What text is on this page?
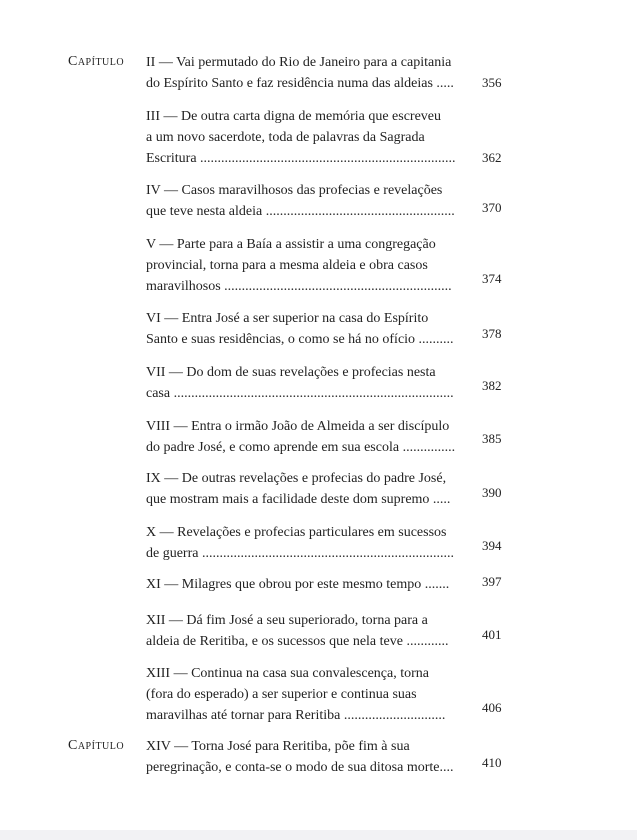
Capítulo II — Vai permutado do Rio de Janeiro para a capitania
do Espírito Santo e faz residência numa das aldeias .....	356
III — De outra carta digna de memória que escreveu
a um novo sacerdote, toda de palavras da Sagrada
Escritura .........................................................................	362
IV — Casos maravilhosos das profecias e revelações
que teve nesta aldeia ......................................................	370
V — Parte para a Baía a assistir a uma congregação
provincial, torna para a mesma aldeia e obra casos
maravilhosos .................................................................
374
VI — Entra José a ser superior na casa do Espírito
Santo e suas residências, o como se há no ofício ..........	378
VII — Do dom de suas revelações e profecias nesta
casa ................................................................................
382
VIII — Entra o irmão João de Almeida a ser discípulo
do padre José, e como aprende em sua escola ...............
385
IX — De outras revelações e profecias do padre José,
que mostram mais a facilidade deste dom supremo .....	390
X — Revelações e profecias particulares em sucessos
de guerra ........................................................................
394
XI — Milagres que obrou por este mesmo tempo .......	397
XII — Dá fim José a seu superiorado, torna para a
aldeia de Reritiba, e os sucessos que nela teve ............	401
XIII — Continua na casa sua convalescença, torna
(fora do esperado) a ser superior e continua suas
maravilhas até tornar para Reritiba .............................
406
Capítulo XIV — Torna José para Reritiba, põe fim à sua
peregrinação, e conta-se o modo de sua ditosa morte....	410
